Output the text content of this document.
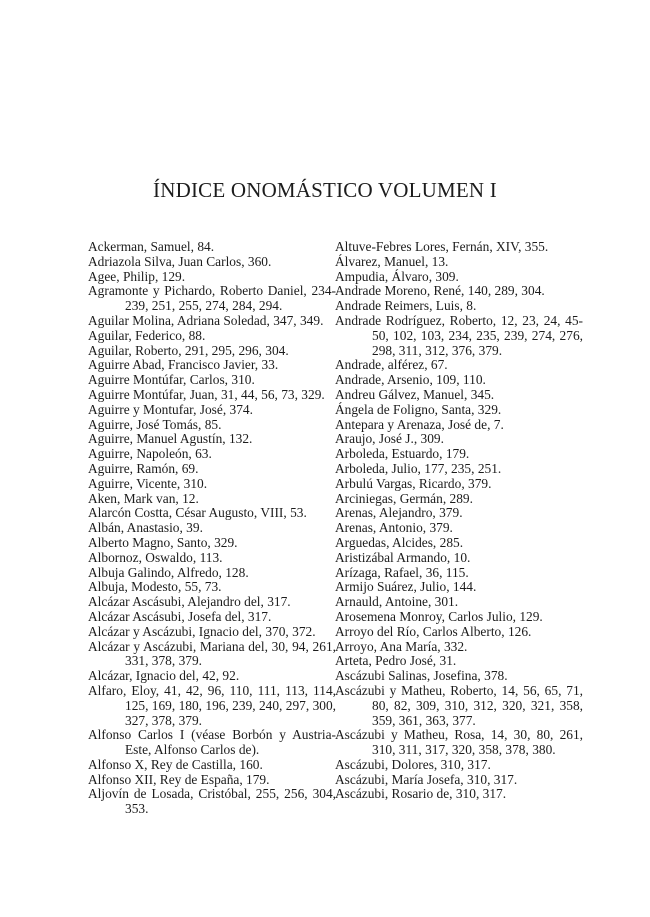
ÍNDICE ONOMÁSTICO VOLUMEN I

Ackerman, Samuel, 84.

Adriazola Silva, Juan Carlos, 360.

Agee, Philip, 129.

Agramonte y Pichardo, Roberto Daniel, 234-239, 251, 255, 274, 284, 294.

Aguilar Molina, Adriana Soledad, 347, 349.

Aguilar, Federico, 88.

Aguilar, Roberto, 291, 295, 296, 304.

Aguirre Abad, Francisco Javier, 33.

Aguirre Montúfar, Carlos, 310.

Aguirre Montúfar, Juan, 31, 44, 56, 73, 329.

Aguirre y Montufar, José, 374.

Aguirre, José Tomás, 85.

Aguirre, Manuel Agustín, 132.

Aguirre, Napoleón, 63.

Aguirre, Ramón, 69.

Aguirre, Vicente, 310.

Aken, Mark van, 12.

Alarcón Costta, César Augusto, VIII, 53.

Albán, Anastasio, 39.

Alberto Magno, Santo, 329.

Albornoz, Oswaldo, 113.

Albuja Galindo, Alfredo, 128.

Albuja, Modesto, 55, 73.

Alcázar Ascásubi, Alejandro del, 317.

Alcázar Ascásubi, Josefa del, 317.

Alcázar y Ascázubi, Ignacio del, 370, 372.

Alcázar y Ascázubi, Mariana del, 30, 94, 261, 331, 378, 379.

Alcázar, Ignacio del, 42, 92.

Alfaro, Eloy, 41, 42, 96, 110, 111, 113, 114, 125, 169, 180, 196, 239, 240, 297, 300, 327, 378, 379.

Alfonso Carlos I (véase Borbón y Austria-Este, Alfonso Carlos de).

Alfonso X, Rey de Castilla, 160.

Alfonso XII, Rey de España, 179.

Aljovín de Losada, Cristóbal, 255, 256, 304, 353.

Altuve-Febres Lores, Fernán, XIV, 355.

Álvarez, Manuel, 13.

Ampudia, Álvaro, 309.

Andrade Moreno, René, 140, 289, 304.

Andrade Reimers, Luis, 8.

Andrade Rodríguez, Roberto, 12, 23, 24, 45-50, 102, 103, 234, 235, 239, 274, 276, 298, 311, 312, 376, 379.

Andrade, alférez, 67.

Andrade, Arsenio, 109, 110.

Andreu Gálvez, Manuel, 345.

Ángela de Foligno, Santa, 329.

Antepara y Arenaza, José de, 7.

Araujo, José J., 309.

Arboleda, Estuardo, 179.

Arboleda, Julio, 177, 235, 251.

Arbulú Vargas, Ricardo, 379.

Arciniegas, Germán, 289.

Arenas, Alejandro, 379.

Arenas, Antonio, 379.

Arguedas, Alcides, 285.

Aristizábal Armando, 10.

Arízaga, Rafael, 36, 115.

Armijo Suárez, Julio, 144.

Arnauld, Antoine, 301.

Arosemena Monroy, Carlos Julio, 129.

Arroyo del Río, Carlos Alberto, 126.

Arroyo, Ana María, 332.

Arteta, Pedro José, 31.

Ascázubi Salinas, Josefina, 378.

Ascázubi y Matheu, Roberto, 14, 56, 65, 71, 80, 82, 309, 310, 312, 320, 321, 358, 359, 361, 363, 377.

Ascázubi y Matheu, Rosa, 14, 30, 80, 261, 310, 311, 317, 320, 358, 378, 380.

Ascázubi, Dolores, 310, 317.

Ascázubi, María Josefa, 310, 317.

Ascázubi, Rosario de, 310, 317.
